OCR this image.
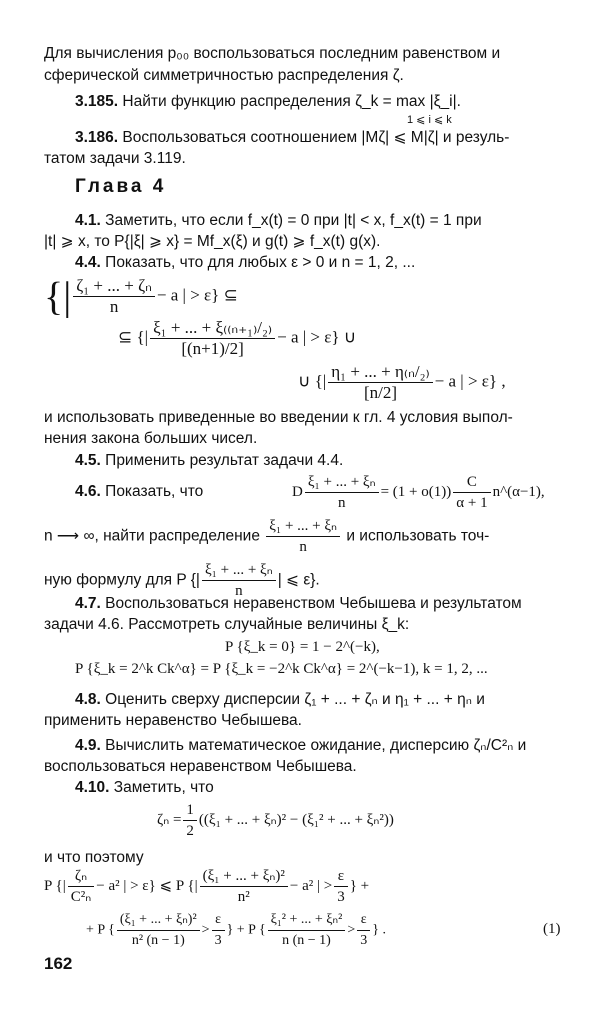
Для вычисления p₀₀ воспользоваться последним равенством и
сферической симметричностью распределения ζ.
3.185. Найти функцию распределения ζ_k = max |ξ_i|.
1 ⩽ i ⩽ k
3.186. Воспользоваться соотношением |Mζ| ⩽ M|ζ| и резуль-
татом задачи 3.119.
Глава 4
4.1. Заметить, что если f_x(t) = 0 при |t| < x, f_x(t) = 1 при
|t| ⩾ x, то P{|ξ| ⩾ x} = Mf_x(ξ) и g(t) ⩾ f_x(t) g(x).
4.4. Показать, что для любых ε > 0 и n = 1, 2, ...
{| $\frac{\text{ζ₁ + ... + ζₙ}}{n} - a$ | > ε} ⊆
⊆ {| $\frac{\text{ξ₁ + ... + ξ₍₍ₙ₊₁₎/₂₎}}{[(n+1)/2]} - a$ | > ε} ∪
∪ {| $\frac{\text{η₁ + ... + η₍ₙ/₂₎}}{[n/2]} - a$ | > ε} ,
и использовать приведенные во введении к гл. 4 условия выпол-
нения закона больших чисел.
4.5. Применить результат задачи 4.4.
4.6. Показать, что	D $\frac{\text{ξ₁ + ... + ξₙ}}{n} = (1 + o(1)) \frac{C}{\alpha + 1}$ n^(α−1),
n ⟶ ∞, найти распределение $\frac{\text{ξ₁ + ... + ξₙ}}{n}$ и использовать точ-
ную формулу для P {| $\frac{\text{ξ₁ + ... + ξₙ}}{n}$ | ⩽ ε}.
4.7. Воспользоваться неравенством Чебышева и результатом
задачи 4.6. Рассмотреть случайные величины ξ_k:
P {ξ_k = 0} = 1 − 2^(−k),
P {ξ_k = 2^k Ck^α} = P {ξ_k = −2^k Ck^α} = 2^(−k−1), k = 1, 2, ...
4.8. Оценить сверху дисперсии ζ₁ + ... + ζₙ и η₁ + ... + ηₙ и
применить неравенство Чебышева.
4.9. Вычислить математическое ожидание, дисперсию ζₙ/C²ₙ и
воспользоваться неравенством Чебышева.
4.10. Заметить, что
$\zeta_n = \frac{1}{2} ((\xi_1$ + ... + ξₙ)² − (ξ₁² + ... + ξₙ²))
и что поэтому
P {| $\frac{\text{ζₙ}}{\text{C²ₙ}} - a^2$ | > ε} ⩽ P {| $\frac{\text{(ξ₁ + ... + ξₙ)²}}{\text{n²}} - a^2$ | > $\frac{\varepsilon}{3}$ } +
+ P { $\frac{\text{(ξ₁ + ... + ξₙ)²}}{\text{n² (n − 1)}} > \frac{\varepsilon}{3}$ } + P { $\frac{\text{ξ₁² + ... + ξₙ²}}{n (n - 1)} > \frac{\varepsilon}{3}$ } .	(1)
162
